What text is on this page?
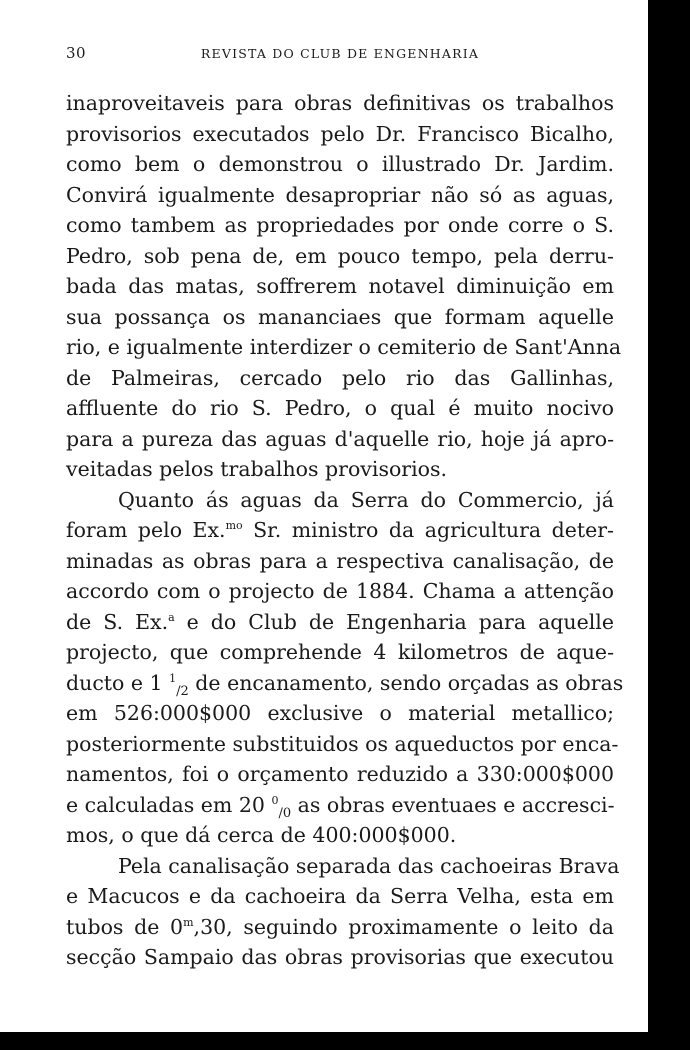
30	REVISTA DO CLUB DE ENGENHARIA
inaproveitaveis para obras definitivas os trabalhos
provisorios executados pelo Dr. Francisco Bicalho,
como bem o demonstrou o illustrado Dr. Jardim.
Convirá igualmente desapropriar não só as aguas,
como tambem as propriedades por onde corre o S.
Pedro, sob pena de, em pouco tempo, pela derru-
bada das matas, soffrerem notavel diminuição em
sua possança os mananciaes que formam aquelle
rio, e igualmente interdizer o cemiterio de Sant'Anna
de Palmeiras, cercado pelo rio das Gallinhas,
affluente do rio S. Pedro, o qual é muito nocivo
para a pureza das aguas d'aquelle rio, hoje já apro-
veitadas pelos trabalhos provisorios.
Quanto ás aguas da Serra do Commercio, já
foram pelo Ex.$^{mo}$ Sr. ministro da agricultura deter-
minadas as obras para a respectiva canalisação, de
accordo com o projecto de 1884. Chama a attenção
de S. Ex.$^a$ e do Club de Engenharia para aquelle
projecto, que comprehende 4 kilometros de aque-
ducto e 1 $^1_{/2}$ de encanamento, sendo orçadas as obras
em 526:000$000 exclusive o material metallico;
posteriormente substituidos os aqueductos por enca-
namentos, foi o orçamento reduzido a 330:000$000
e calculadas em 20 $^0_{/0}$ as obras eventuaes e accresci-
mos, o que dá cerca de 400:000$000.
Pela canalisação separada das cachoeiras Brava
e Macucos e da cachoeira da Serra Velha, esta em
tubos de 0$^m$,30, seguindo proximamente o leito da
secção Sampaio das obras provisorias que executou
